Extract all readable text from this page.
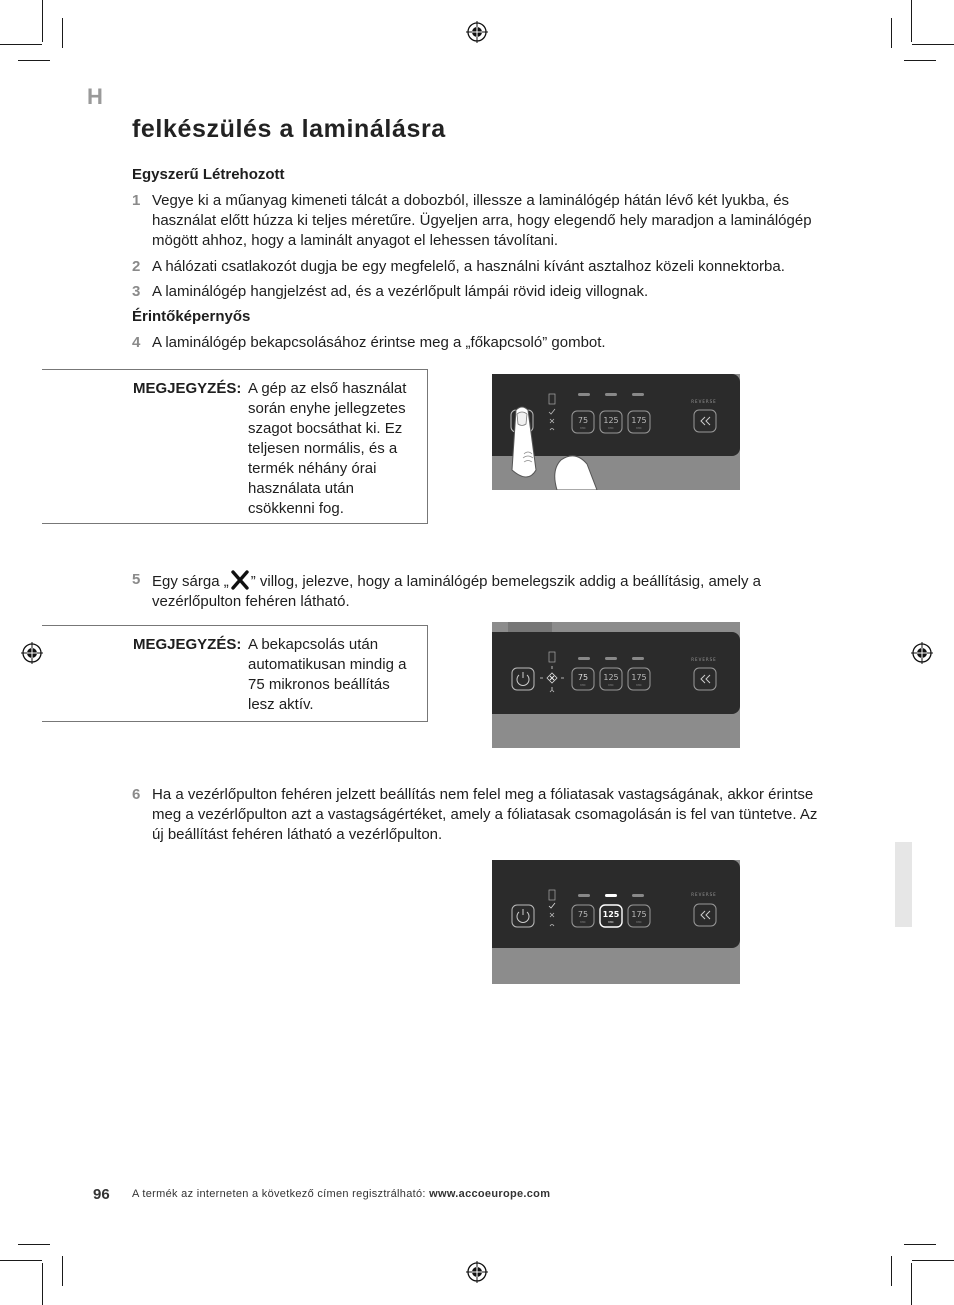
H
felkészülés a laminálásra
Egyszerű Létrehozott
1 Vegye ki a műanyag kimeneti tálcát a dobozból, illessze a laminálógép hátán lévő két lyukba, és használat előtt húzza ki teljes méretűre. Ügyeljen arra, hogy elegendő hely maradjon a laminálógép mögött ahhoz, hogy a laminált anyagot el lehessen távolítani.
2 A hálózati csatlakozót dugja be egy megfelelő, a használni kívánt asztalhoz közeli konnektorba.
3 A laminálógép hangjelzést ad, és a vezérlőpult lámpái rövid ideig villognak.
Érintőképernyős
4 A laminálógép bekapcsolásához érintse meg a „főkapcsoló” gombot.
MEGJEGYZÉS: A gép az első használat során enyhe jellegzetes szagot bocsáthat ki. Ez teljesen normális, és a termék néhány órai használata után csökkenni fog.
75 125 175
MIC	MIC	MIC
REVERSE
5 Egy sárga „ ” villog, jelezve, hogy a laminálógép bemelegszik addig a beállításig, amely a vezérlőpulton fehéren látható.
MEGJEGYZÉS: A bekapcsolás után automatikusan mindig a 75 mikronos beállítás lesz aktív.
75 125 175
MIC	MIC	MIC
REVERSE
6 Ha a vezérlőpulton fehéren jelzett beállítás nem felel meg a fóliatasak vastagságának, akkor érintse meg a vezérlőpulton azt a vastagságértéket, amely a fóliatasak csomagolásán is fel van tüntetve. Az új beállítást fehéren látható a vezérlőpulton.
75 125 175
MIC	MIC	MIC
REVERSE
96 A termék az interneten a következő címen regisztrálható: www.accoeurope.com
